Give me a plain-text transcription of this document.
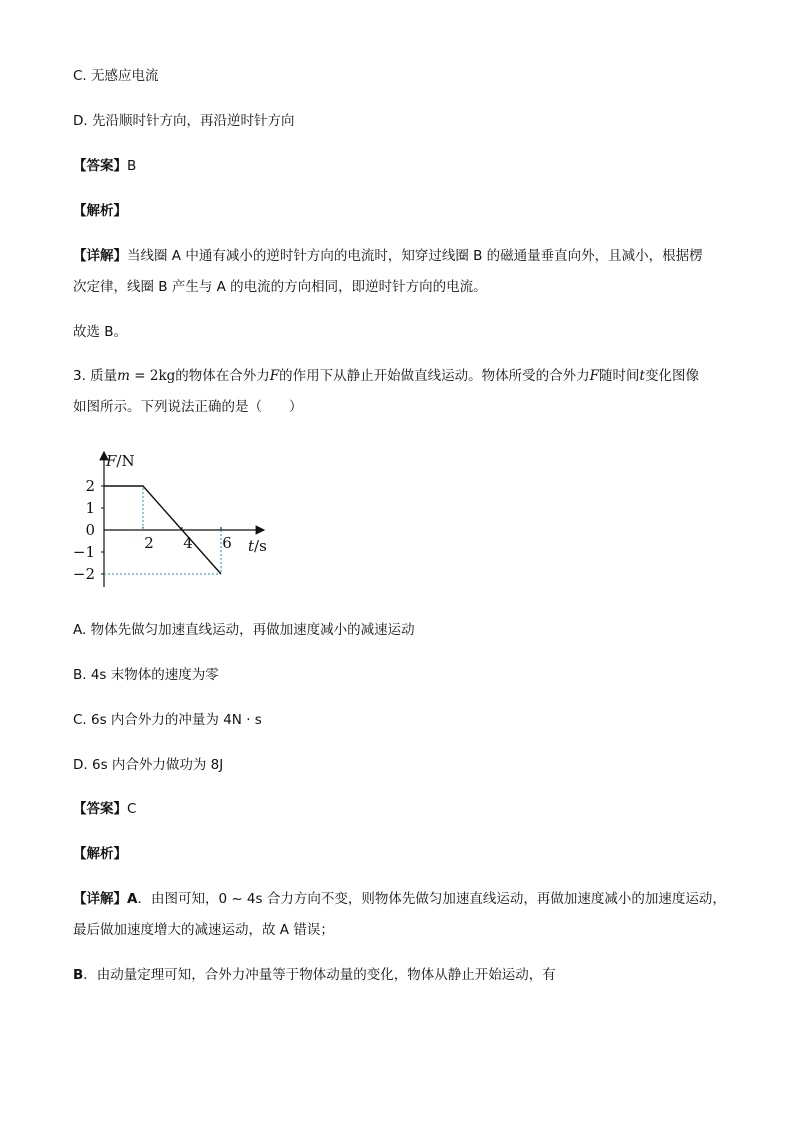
C. 无感应电流
D. 先沿顺时针方向，再沿逆时针方向
【答案】B
【解析】
【详解】当线圈 A 中通有减小的逆时针方向的电流时，知穿过线圈 B 的磁通量垂直向外，且减小，根据楞
次定律，线圈 B 产生与 A 的电流的方向相同，即逆时针方向的电流。
故选 B。
3. 质量m = 2kg的物体在合外力F的作用下从静止开始做直线运动。物体所受的合外力F随时间t变化图像
如图所示。下列说法正确的是（　　）
F/N
t/s
2
1
0
−1
−2
2 4 6
A. 物体先做匀加速直线运动，再做加速度减小的减速运动
B. 4s 末物体的速度为零
C. 6s 内合外力的冲量为 4N · s
D. 6s 内合外力做功为 8J
【答案】C
【解析】
【详解】A．由图可知，0 ~ 4s 合力方向不变，则物体先做匀加速直线运动，再做加速度减小的加速度运动，
最后做加速度增大的减速运动，故 A 错误；
B．由动量定理可知，合外力冲量等于物体动量的变化，物体从静止开始运动，有
